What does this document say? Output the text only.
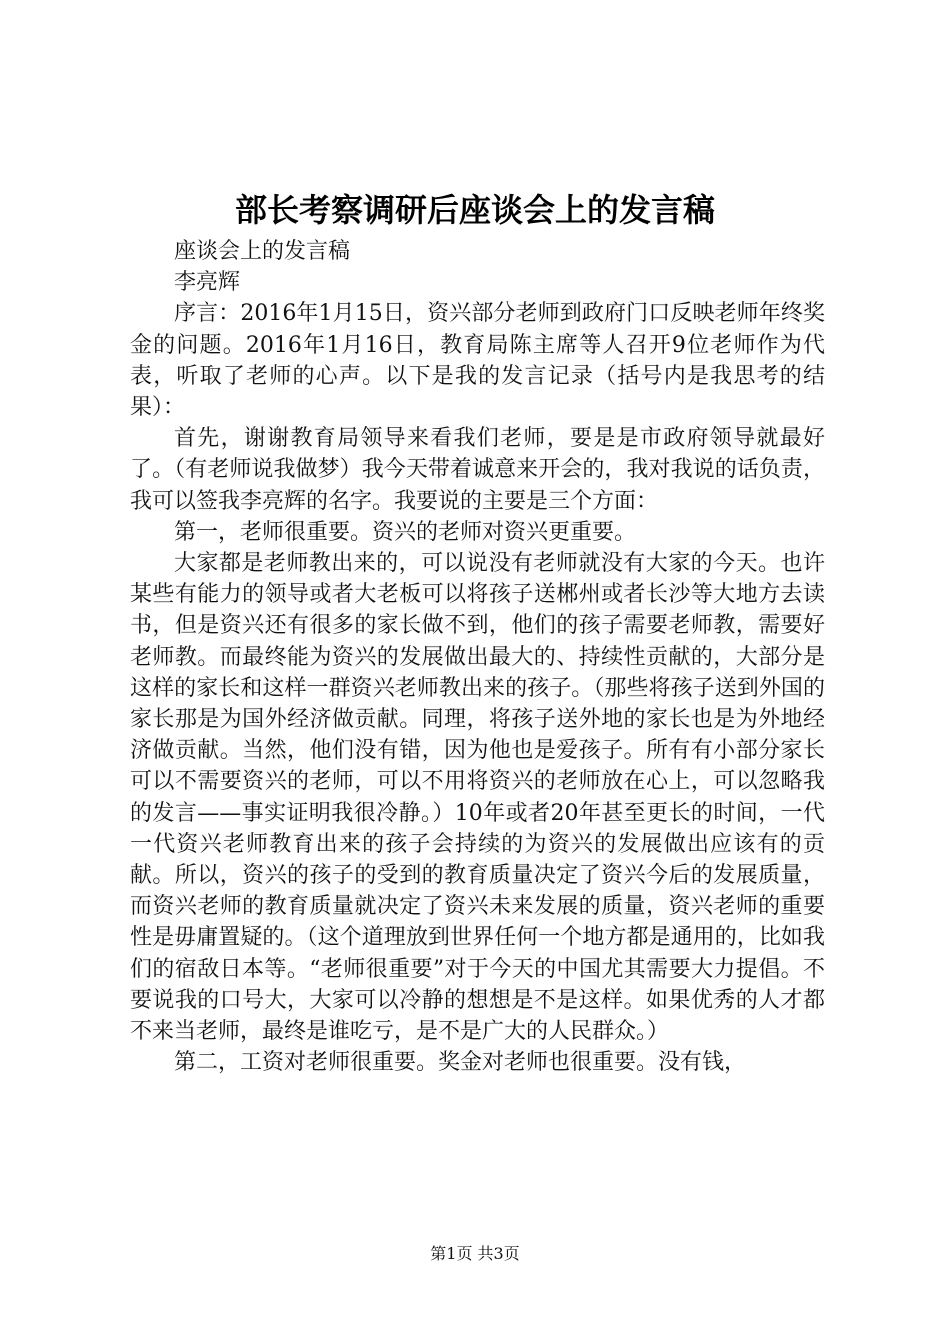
部长考察调研后座谈会上的发言稿

座谈会上的发言稿

李亮辉

序言：2016年1月15日，资兴部分老师到政府门口反映老师年终奖金的问题。2016年1月16日，教育局陈主席等人召开9位老师作为代表，听取了老师的心声。以下是我的发言记录（括号内是我思考的结果）：

首先，谢谢教育局领导来看我们老师，要是是市政府领导就最好了。（有老师说我做梦）我今天带着诚意来开会的，我对我说的话负责，我可以签我李亮辉的名字。我要说的主要是三个方面：

第一，老师很重要。资兴的老师对资兴更重要。

大家都是老师教出来的，可以说没有老师就没有大家的今天。也许某些有能力的领导或者大老板可以将孩子送郴州或者长沙等大地方去读书，但是资兴还有很多的家长做不到，他们的孩子需要老师教，需要好老师教。而最终能为资兴的发展做出最大的、持续性贡献的，大部分是这样的家长和这样一群资兴老师教出来的孩子。（那些将孩子送到外国的家长那是为国外经济做贡献。同理，将孩子送外地的家长也是为外地经济做贡献。当然，他们没有错，因为他也是爱孩子。所有有小部分家长可以不需要资兴的老师，可以不用将资兴的老师放在心上，可以忽略我的发言——事实证明我很冷静。）10年或者20年甚至更长的时间，一代一代资兴老师教育出来的孩子会持续的为资兴的发展做出应该有的贡献。所以，资兴的孩子的受到的教育质量决定了资兴今后的发展质量，而资兴老师的教育质量就决定了资兴未来发展的质量，资兴老师的重要性是毋庸置疑的。（这个道理放到世界任何一个地方都是通用的，比如我们的宿敌日本等。“老师很重要”对于今天的中国尤其需要大力提倡。不要说我的口号大，大家可以冷静的想想是不是这样。如果优秀的人才都不来当老师，最终是谁吃亏，是不是广大的人民群众。）

第二，工资对老师很重要。奖金对老师也很重要。没有钱，

第1页 共3页
